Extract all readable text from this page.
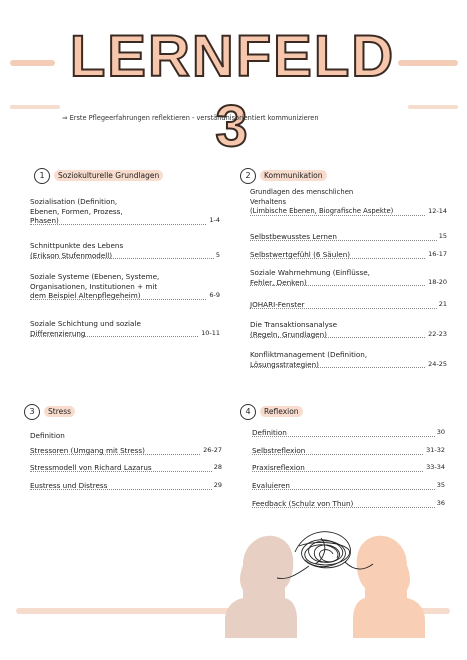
LERNFELD 3
⇒ Erste Pflegeerfahrungen reflektieren - verständnisorientiert kommunizieren
1	Soziokulturelle Grundlagen
Sozialisation (Definition,
Ebenen, Formen, Prozess,
Phasen)	1-4
Schnittpunkte des Lebens
(Erikson Stufenmodell)	5
Soziale Systeme (Ebenen, Systeme,
Organisationen, Institutionen + mit
dem Beispiel Altenpflegeheim)	6-9
Soziale Schichtung und soziale
Differenzierung	10-11
2	Kommunikation
Grundlagen des menschlichen
Verhaltens
(Limbische Ebenen, Biografische Aspekte)	12-14
Selbstbewusstes Lernen	15
Selbstwertgefühl (6 Säulen)	16-17
Soziale Wahrnehmung (Einflüsse,
Fehler, Denken)	18-20
JOHARI-Fenster	21
Die Transaktionsanalyse
(Regeln, Grundlagen)	22-23
Konfliktmanagement (Definition,
Lösungsstrategien)	24-25
3	Stress
Definition
Stressoren (Umgang mit Stress)	26-27
Stressmodell von Richard Lazarus	28
Eustress und Distress	29
4	Reflexion
Definition	30
Selbstreflexion	31-32
Praxisreflexion	33-34
Evaluieren	35
Feedback (Schulz von Thun)	36
